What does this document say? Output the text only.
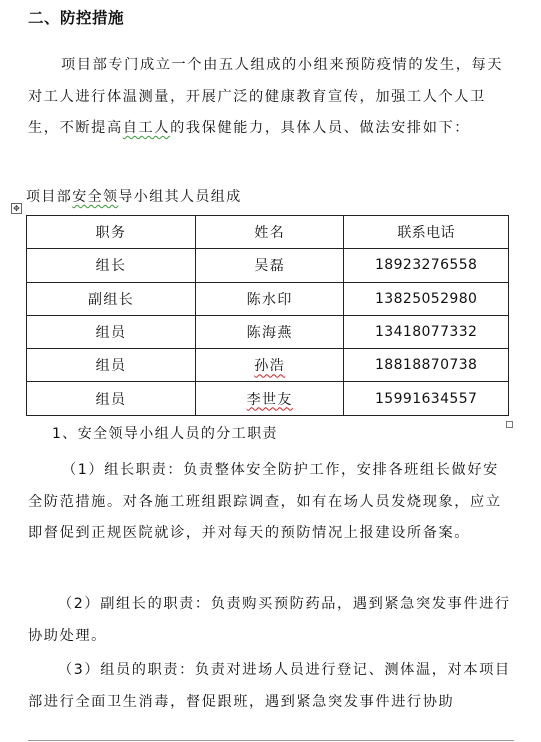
二、防控措施
项目部专门成立一个由五人组成的小组来预防疫情的发生，每天对工人进行体温测量，开展广泛的健康教育宣传，加强工人个人卫生，不断提高自工人的我保健能力，具体人员、做法安排如下：
项目部安全领导小组其人员组成
✥
职务	姓名	联系电话
组长	吴磊	18923276558
副组长	陈水印	13825052980
组员	陈海燕	13418077332
组员	孙浩	18818870738
组员	李世友	15991634557
1、安全领导小组人员的分工职责
（1）组长职责：负责整体安全防护工作，安排各班组长做好安全防范措施。对各施工班组跟踪调查，如有在场人员发烧现象，应立即督促到正规医院就诊，并对每天的预防情况上报建设所备案。
（2）副组长的职责：负责购买预防药品，遇到紧急突发事件进行协助处理。
（3）组员的职责：负责对进场人员进行登记、测体温，对本项目部进行全面卫生消毒，督促跟班，遇到紧急突发事件进行协助
